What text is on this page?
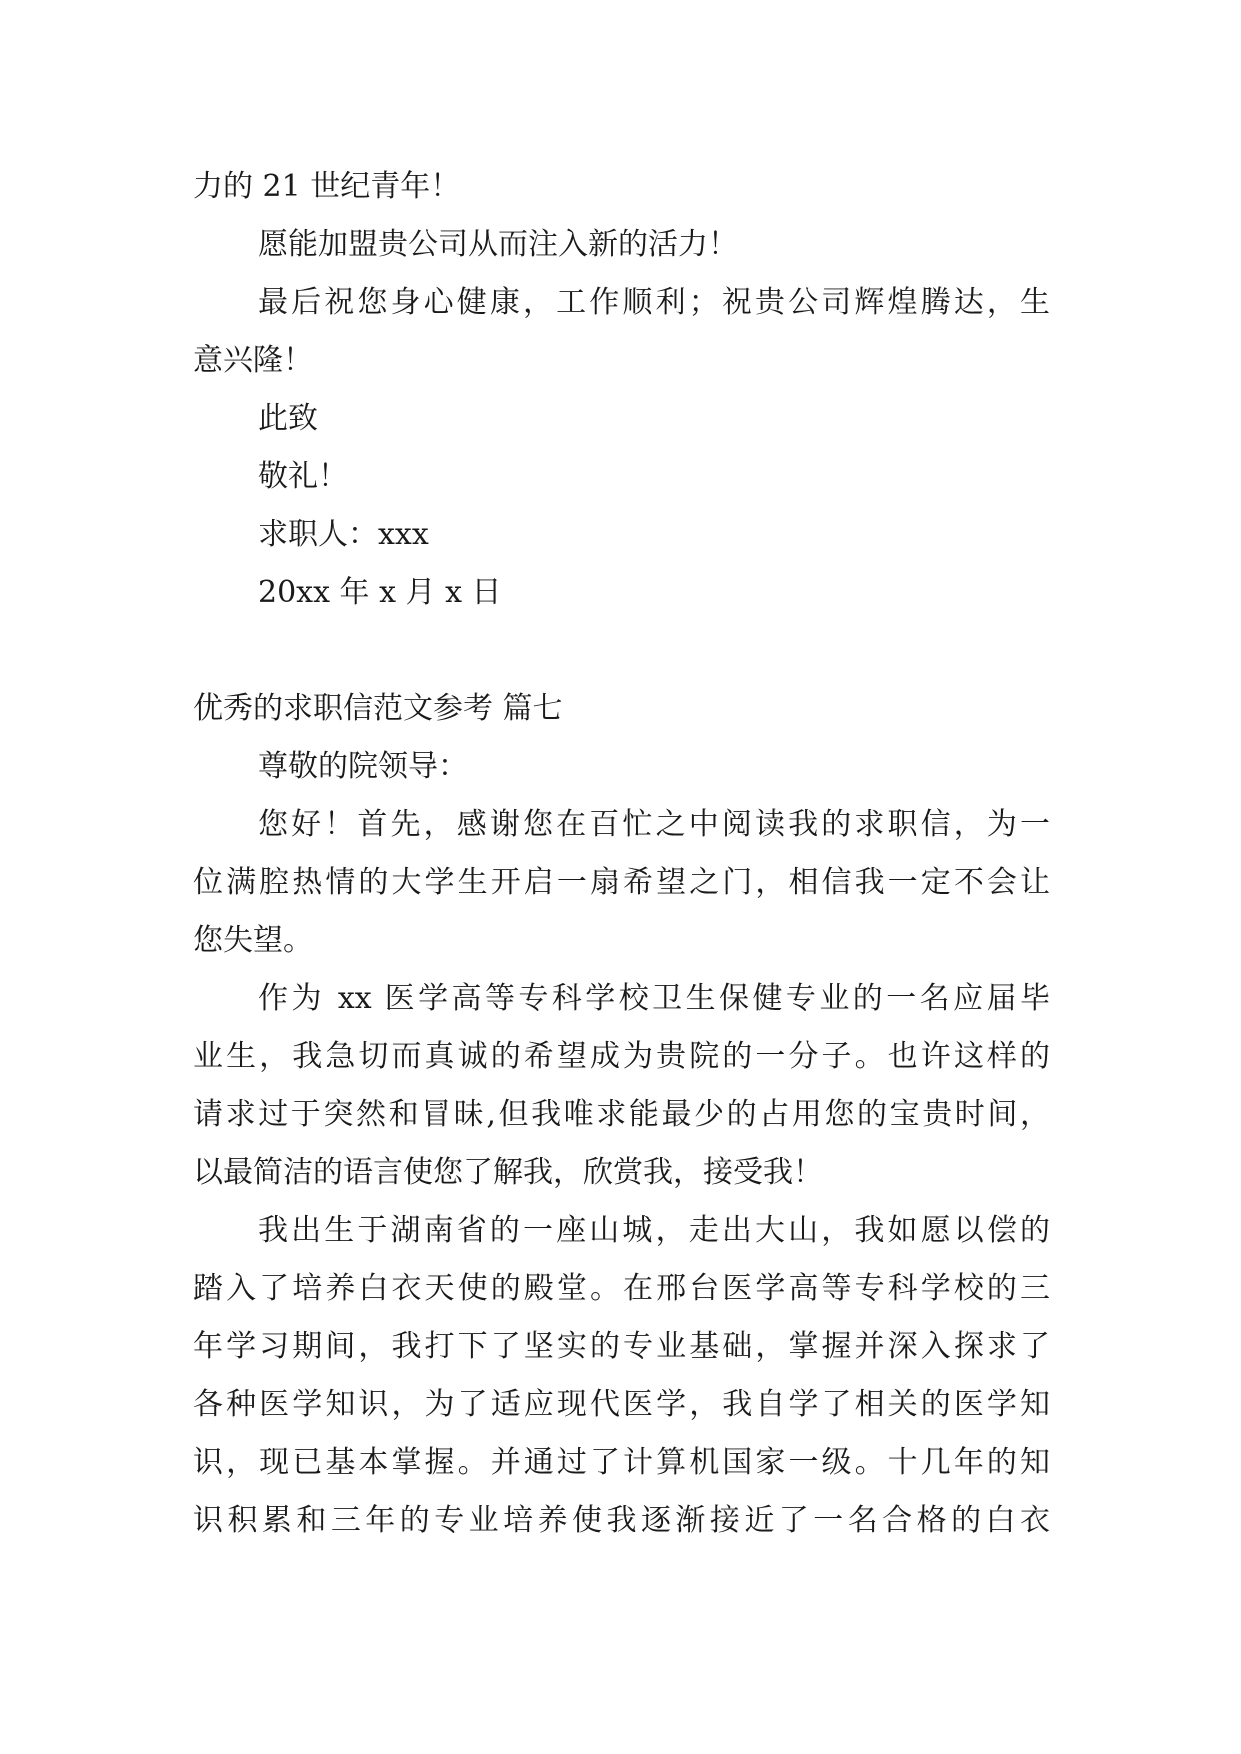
力的 21 世纪青年！
愿能加盟贵公司从而注入新的活力！
最后祝您身心健康，工作顺利；祝贵公司辉煌腾达，生
意兴隆！
此致
敬礼！
求职人：xxx
20xx 年 x 月 x 日
优秀的求职信范文参考 篇七
尊敬的院领导：
您好！首先，感谢您在百忙之中阅读我的求职信，为一
位满腔热情的大学生开启一扇希望之门，相信我一定不会让
您失望。
作为 xx 医学高等专科学校卫生保健专业的一名应届毕
业生，我急切而真诚的希望成为贵院的一分子。也许这样的
请求过于突然和冒昧,但我唯求能最少的占用您的宝贵时间，
以最简洁的语言使您了解我，欣赏我，接受我！
我出生于湖南省的一座山城，走出大山，我如愿以偿的
踏入了培养白衣天使的殿堂。在邢台医学高等专科学校的三
年学习期间，我打下了坚实的专业基础，掌握并深入探求了
各种医学知识，为了适应现代医学，我自学了相关的医学知
识，现已基本掌握。并通过了计算机国家一级。十几年的知
识积累和三年的专业培养使我逐渐接近了一名合格的白衣
